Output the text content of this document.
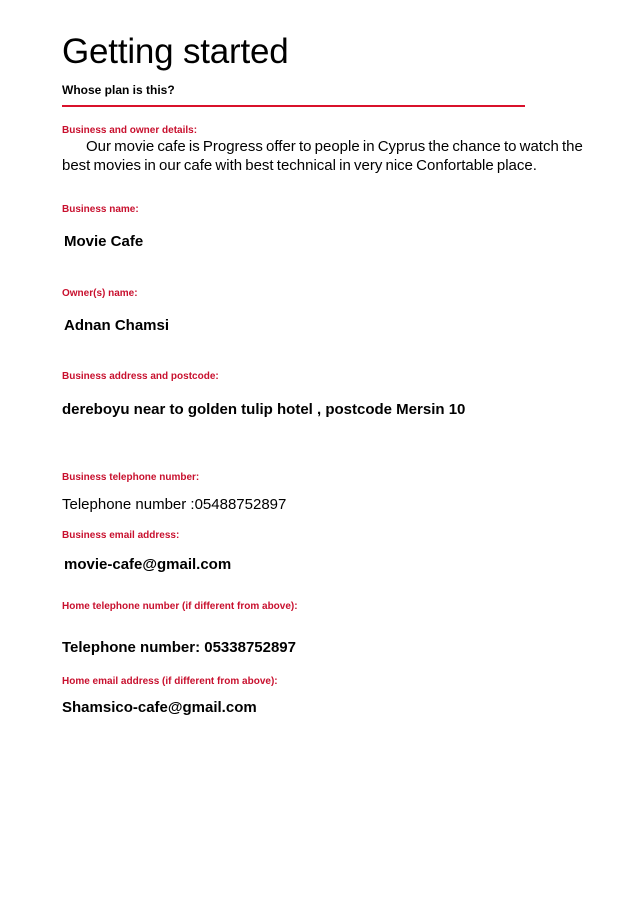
Getting started
Whose plan is this?
Business and owner details:
Our movie cafe is Progress offer to people in Cyprus the chance to watch the best movies in our cafe with best technical in very nice Confortable place.
Business name:
Movie Cafe
Owner(s) name:
Adnan Chamsi
Business address and postcode:
dereboyu near to golden tulip hotel , postcode Mersin 10
Business telephone number:
Telephone number :05488752897
Business email address:
movie-cafe@gmail.com
Home telephone number (if different from above):
Telephone number: 05338752897
Home email address (if different from above):
Shamsico-cafe@gmail.com
